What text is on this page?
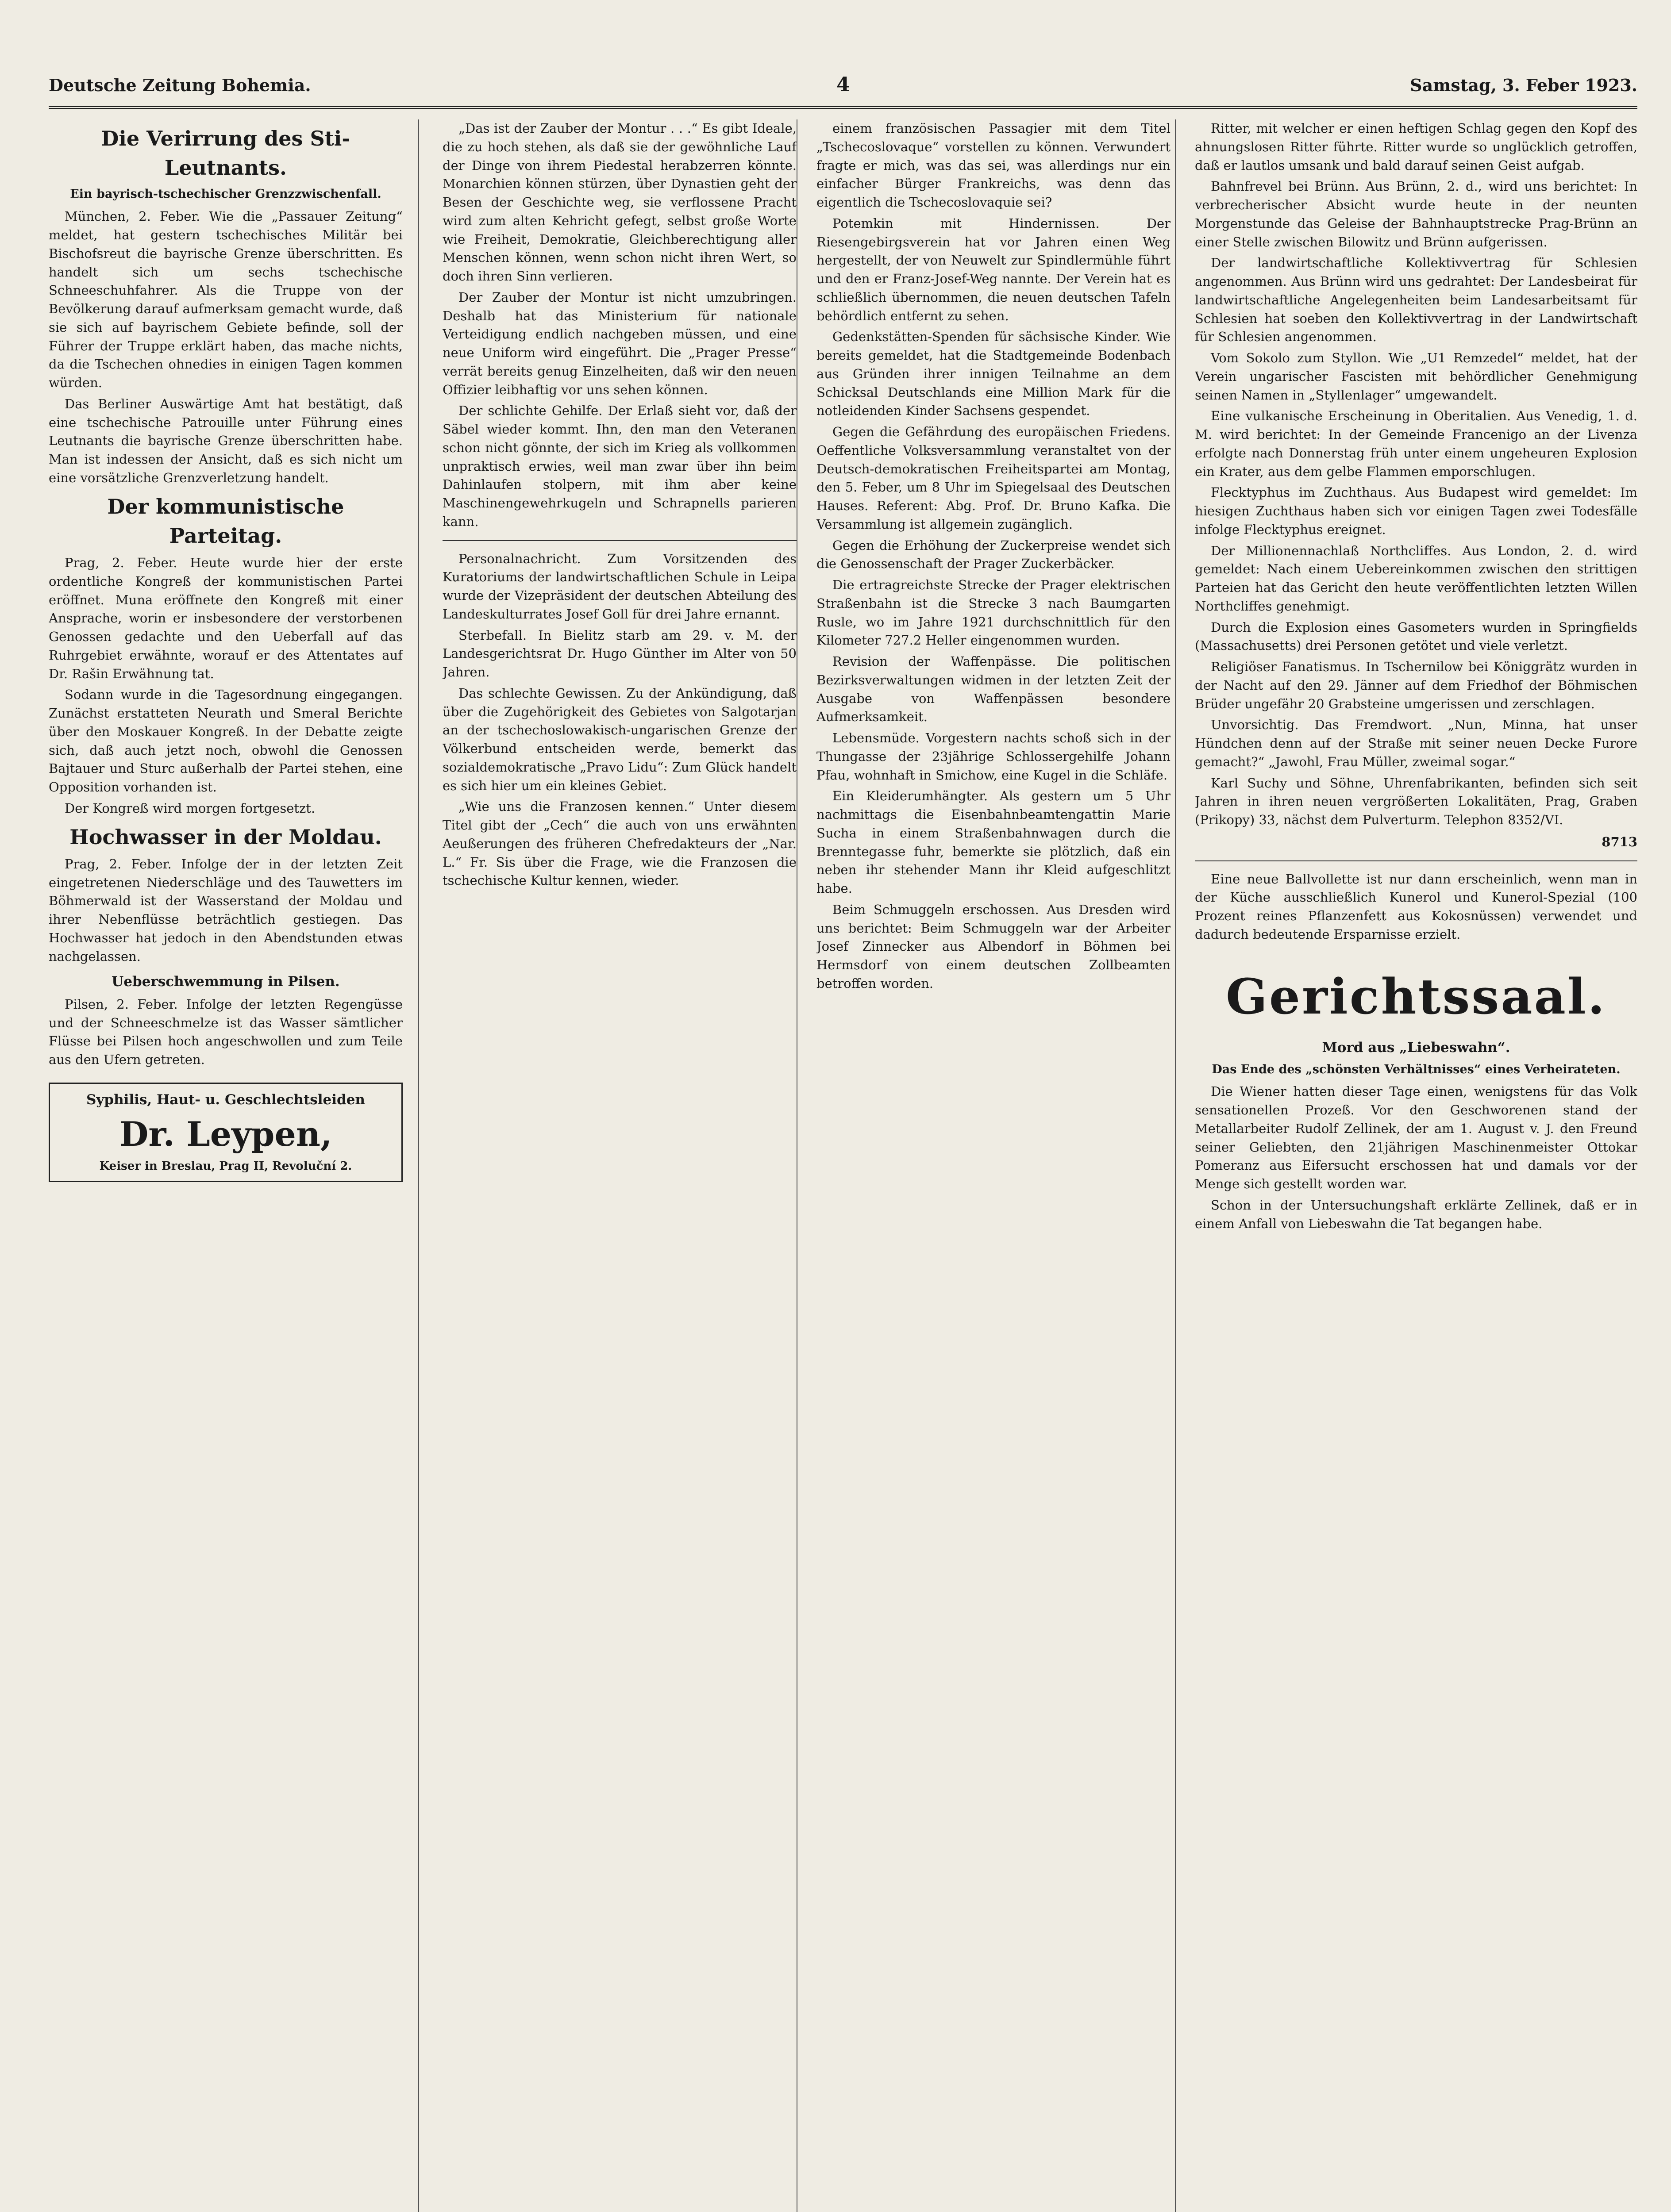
Deutsche Zeitung Bohemia.	4	Samstag, 3. Feber 1923.
Die Verirrung des Sti-Leutnants.
Ein bayrisch-tschechischer Grenzzwischenfall.

München, 2. Feber. Wie die „Passauer Zeitung“ meldet, hat gestern tschechisches Militär bei Bischofsreut die bayrische Grenze überschritten. Es handelt sich um sechs tschechische Schneeschuhfahrer. Als die Truppe von der Bevölkerung darauf aufmerksam gemacht wurde, daß sie sich auf bayrischem Gebiete befinde, soll der Führer der Truppe erklärt haben, das mache nichts, da die Tschechen ohnedies in einigen Tagen kommen würden.

Das Berliner Auswärtige Amt hat bestätigt, daß eine tschechische Patrouille unter Führung eines Leutnants die bayrische Grenze überschritten habe. Man ist indessen der Ansicht, daß es sich nicht um eine vorsätzliche Grenzverletzung handelt.

Der kommunistische Parteitag.

Prag, 2. Feber. Heute wurde hier der erste ordentliche Kongreß der kommunistischen Partei eröffnet. Muna eröffnete den Kongreß mit einer Ansprache, worin er insbesondere der verstorbenen Genossen gedachte und den Ueberfall auf das Ruhrgebiet erwähnte, worauf er des Attentates auf Dr. Rašin Erwähnung tat.

Sodann wurde in die Tagesordnung eingegangen. Zunächst erstatteten Neurath und Smeral Berichte über den Moskauer Kongreß. In der Debatte zeigte sich, daß auch jetzt noch, obwohl die Genossen Bajtauer und Sturc außerhalb der Partei stehen, eine Opposition vorhanden ist.

Der Kongreß wird morgen fortgesetzt.

Hochwasser in der Moldau.

Prag, 2. Feber. Infolge der in der letzten Zeit eingetretenen Niederschläge und des Tauwetters im Böhmerwald ist der Wasserstand der Moldau und ihrer Nebenflüsse beträchtlich gestiegen. Das Hochwasser hat jedoch in den Abendstunden etwas nachgelassen.

Ueberschwemmung in Pilsen.

Pilsen, 2. Feber. Infolge der letzten Regengüsse und der Schneeschmelze ist das Wasser sämtlicher Flüsse bei Pilsen hoch angeschwollen und zum Teile aus den Ufern getreten.

Syphilis, Haut- u. Geschlechtsleiden
Dr. Leypen,
Keiser in Breslau, Prag II, Revoluční 2.

„Das ist der Zauber der Montur . . .“ Es gibt Ideale, die zu hoch stehen, als daß sie der gewöhnliche Lauf der Dinge von ihrem Piedestal herabzerren könnte. Monarchien können stürzen, über Dynastien geht der Besen der Geschichte weg, sie verflossene Pracht wird zum alten Kehricht gefegt, selbst große Worte wie Freiheit, Demokratie, Gleichberechtigung aller Menschen können, wenn schon nicht ihren Wert, so doch ihren Sinn verlieren.

Der Zauber der Montur ist nicht umzubringen. Deshalb hat das Ministerium für nationale Verteidigung endlich nachgeben müssen, und eine neue Uniform wird eingeführt. Die „Prager Presse“ verrät bereits genug Einzelheiten, daß wir den neuen Offizier leibhaftig vor uns sehen können.

Der schlichte Gehilfe. Der Erlaß sieht vor, daß der Säbel wieder kommt. Ihn, den man den Veteranen schon nicht gönnte, der sich im Krieg als vollkommen unpraktisch erwies, weil man zwar über ihn beim Dahinlaufen stolpern, mit ihm aber keine Maschinengewehrkugeln und Schrapnells parieren kann.

Personalnachricht. Zum Vorsitzenden des Kuratoriums der landwirtschaftlichen Schule in Leipa wurde der Vizepräsident der deutschen Abteilung des Landeskulturrates Josef Goll für drei Jahre ernannt.

Sterbefall. In Bielitz starb am 29. v. M. der Landesgerichtsrat Dr. Hugo Günther im Alter von 50 Jahren.

Das schlechte Gewissen. Zu der Ankündigung, daß über die Zugehörigkeit des Gebietes von Salgotarjan an der tschechoslowakisch-ungarischen Grenze der Völkerbund entscheiden werde, bemerkt das sozialdemokratische „Pravo Lidu“: Zum Glück handelt es sich hier um ein kleines Gebiet.

„Wie uns die Franzosen kennen.“ Unter diesem Titel gibt der „Cech“ die auch von uns erwähnten Aeußerungen des früheren Chefredakteurs der „Nar. L.“ Fr. Sis über die Frage, wie die Franzosen die tschechische Kultur kennen, wieder.

einem französischen Passagier mit dem Titel „Tschecoslovaque“ vorstellen zu können. Verwundert fragte er mich, was das sei, was allerdings nur ein einfacher Bürger Frankreichs, was denn das eigentlich die Tschecoslovaquie sei?

Potemkin mit Hindernissen. Der Riesengebirgsverein hat vor Jahren einen Weg hergestellt, der von Neuwelt zur Spindlermühle führt und den er Franz-Josef-Weg nannte. Der Verein hat es schließlich übernommen, die neuen deutschen Tafeln behördlich entfernt zu sehen.

Gedenkstätten-Spenden für sächsische Kinder. Wie bereits gemeldet, hat die Stadtgemeinde Bodenbach aus Gründen ihrer innigen Teilnahme an dem Schicksal Deutschlands eine Million Mark für die notleidenden Kinder Sachsens gespendet.

Gegen die Gefährdung des europäischen Friedens. Oeffentliche Volksversammlung veranstaltet von der Deutsch-demokratischen Freiheitspartei am Montag, den 5. Feber, um 8 Uhr im Spiegelsaal des Deutschen Hauses. Referent: Abg. Prof. Dr. Bruno Kafka. Die Versammlung ist allgemein zugänglich.

Gegen die Erhöhung der Zuckerpreise wendet sich die Genossenschaft der Prager Zuckerbäcker.

Die ertragreichste Strecke der Prager elektrischen Straßenbahn ist die Strecke 3 nach Baumgarten Rusle, wo im Jahre 1921 durchschnittlich für den Kilometer 727.2 Heller eingenommen wurden.

Revision der Waffenpässe. Die politischen Bezirksverwaltungen widmen in der letzten Zeit der Ausgabe von Waffenpässen besondere Aufmerksamkeit.

Lebensmüde. Vorgestern nachts schoß sich in der Thungasse der 23jährige Schlossergehilfe Johann Pfau, wohnhaft in Smichow, eine Kugel in die Schläfe.

Ein Kleiderumhängter. Als gestern um 5 Uhr nachmittags die Eisenbahnbeamtengattin Marie Sucha in einem Straßenbahnwagen durch die Brenntegasse fuhr, bemerkte sie plötzlich, daß ein neben ihr stehender Mann ihr Kleid aufgeschlitzt habe.

Beim Schmuggeln erschossen. Aus Dresden wird uns berichtet: Beim Schmuggeln war der Arbeiter Josef Zinnecker aus Albendorf in Böhmen bei Hermsdorf von einem deutschen Zollbeamten betroffen worden.

Ritter, mit welcher er einen heftigen Schlag gegen den Kopf des ahnungslosen Ritter führte. Ritter wurde so unglücklich getroffen, daß er lautlos umsank und bald darauf seinen Geist aufgab.

Bahnfrevel bei Brünn. Aus Brünn, 2. d., wird uns berichtet: In verbrecherischer Absicht wurde heute in der neunten Morgenstunde das Geleise der Bahnhauptstrecke Prag-Brünn an einer Stelle zwischen Bilowitz und Brünn aufgerissen.

Der landwirtschaftliche Kollektivvertrag für Schlesien angenommen. Aus Brünn wird uns gedrahtet: Der Landesbeirat für landwirtschaftliche Angelegenheiten beim Landesarbeitsamt für Schlesien hat soeben den Kollektivvertrag in der Landwirtschaft für Schlesien angenommen.

Vom Sokolo zum Styllon. Wie „U1 Remzedel“ meldet, hat der Verein ungarischer Fascisten mit behördlicher Genehmigung seinen Namen in „Styllenlager“ umgewandelt.

Eine vulkanische Erscheinung in Oberitalien. Aus Venedig, 1. d. M. wird berichtet: In der Gemeinde Francenigo an der Livenza erfolgte nach Donnerstag früh unter einem ungeheuren Explosion ein Krater, aus dem gelbe Flammen emporschlugen.

Flecktyphus im Zuchthaus. Aus Budapest wird gemeldet: Im hiesigen Zuchthaus haben sich vor einigen Tagen zwei Todesfälle infolge Flecktyphus ereignet.

Der Millionennachlaß Northcliffes. Aus London, 2. d. wird gemeldet: Nach einem Uebereinkommen zwischen den strittigen Parteien hat das Gericht den heute veröffentlichten letzten Willen Northcliffes genehmigt.

Durch die Explosion eines Gasometers wurden in Springfields (Massachusetts) drei Personen getötet und viele verletzt.

Religiöser Fanatismus. In Tschernilow bei Königgrätz wurden in der Nacht auf den 29. Jänner auf dem Friedhof der Böhmischen Brüder ungefähr 20 Grabsteine umgerissen und zerschlagen.

Unvorsichtig. Das Fremdwort. „Nun, Minna, hat unser Hündchen denn auf der Straße mit seiner neuen Decke Furore gemacht?“ „Jawohl, Frau Müller, zweimal sogar.“

Karl Suchy und Söhne, Uhrenfabrikanten, befinden sich seit Jahren in ihren neuen vergrößerten Lokalitäten, Prag, Graben (Prikopy) 33, nächst dem Pulverturm. Telephon 8352/VI.

8713

Eine neue Ballvollette ist nur dann erscheinlich, wenn man in der Küche ausschließlich Kunerol und Kunerol-Spezial (100 Prozent reines Pflanzenfett aus Kokosnüssen) verwendet und dadurch bedeutende Ersparnisse erzielt.

Gerichtssaal.
Mord aus „Liebeswahn“.
Das Ende des „schönsten Verhältnisses“ eines Verheirateten.

Die Wiener hatten dieser Tage einen, wenigstens für das Volk sensationellen Prozeß. Vor den Geschworenen stand der Metallarbeiter Rudolf Zellinek, der am 1. August v. J. den Freund seiner Geliebten, den 21jährigen Maschinenmeister Ottokar Pomeranz aus Eifersucht erschossen hat und damals vor der Menge sich gestellt worden war.

Schon in der Untersuchungshaft erklärte Zellinek, daß er in einem Anfall von Liebeswahn die Tat begangen habe.
